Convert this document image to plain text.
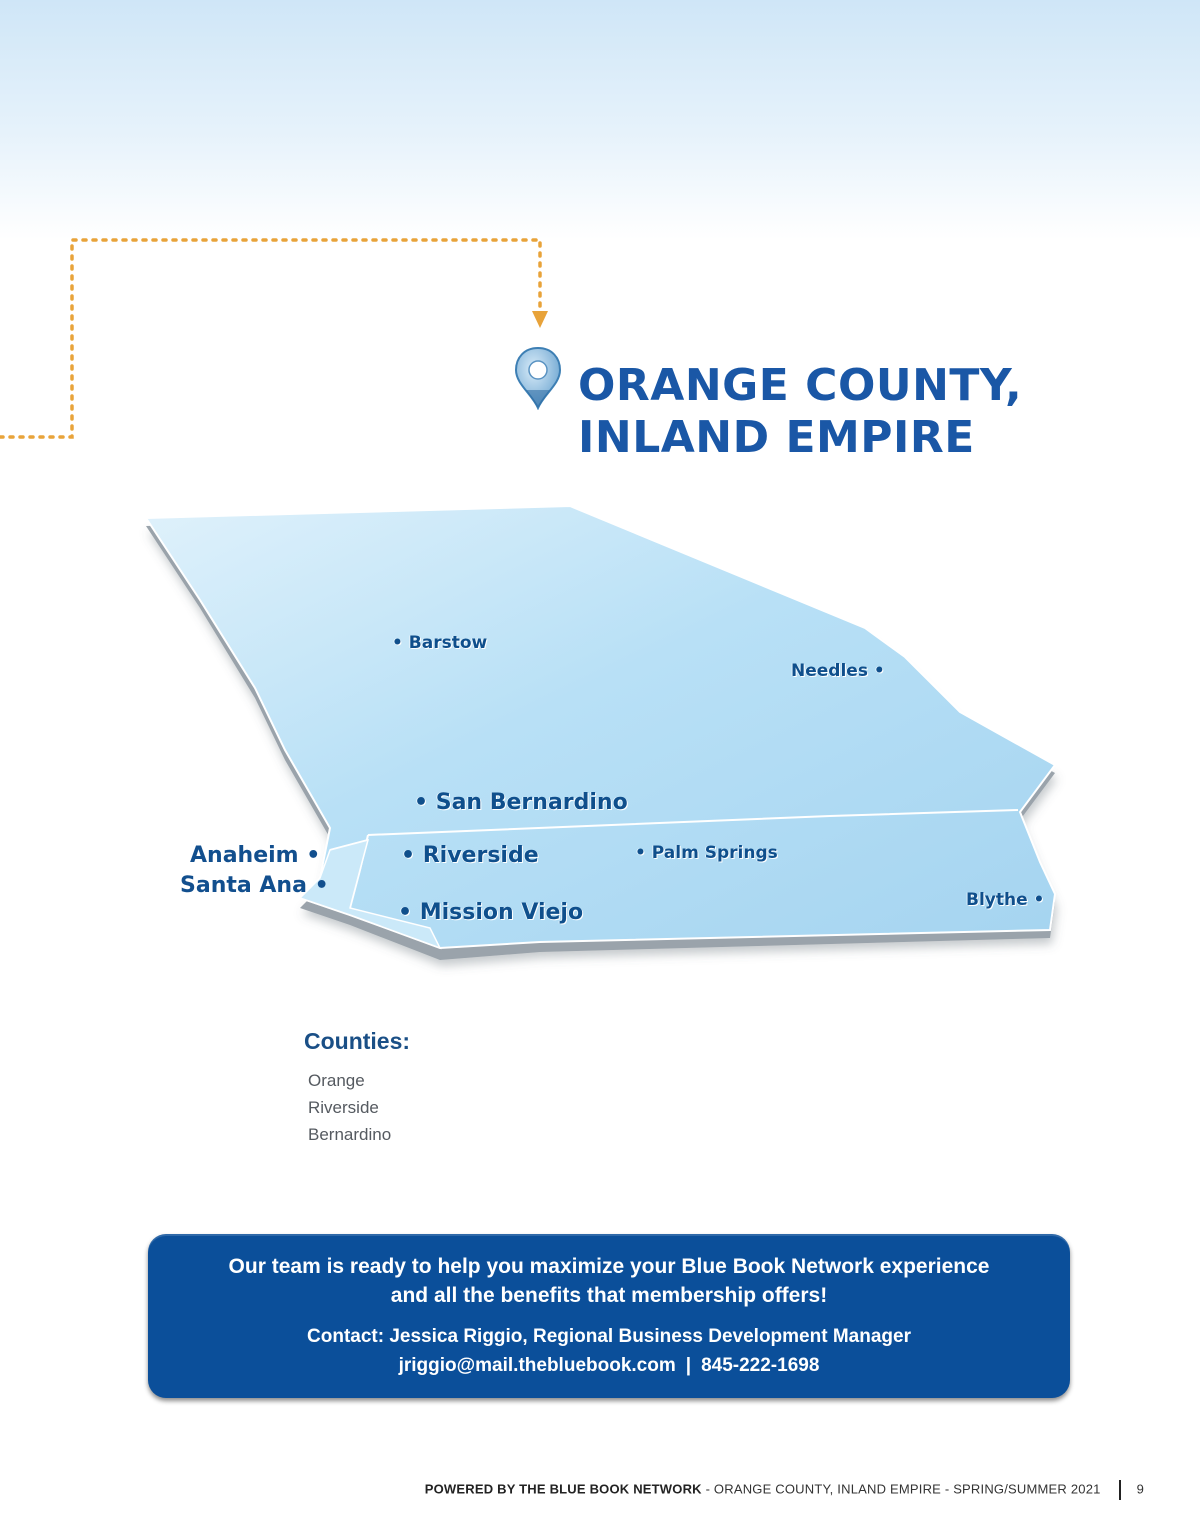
ORANGE COUNTY,
INLAND EMPIRE
• Barstow
Needles •
• San Bernardino
Anaheim •	• Riverside	• Palm Springs
Santa Ana •
• Mission Viejo	Blythe •
Counties:
Orange
Riverside
Bernardino
Our team is ready to help you maximize your Blue Book Network experience
and all the benefits that membership offers!
Contact: Jessica Riggio, Regional Business Development Manager
jriggio@mail.thebluebook.com | 845-222-1698
POWERED BY THE BLUE BOOK NETWORK - ORANGE COUNTY, INLAND EMPIRE - SPRING/SUMMER 2021	9
